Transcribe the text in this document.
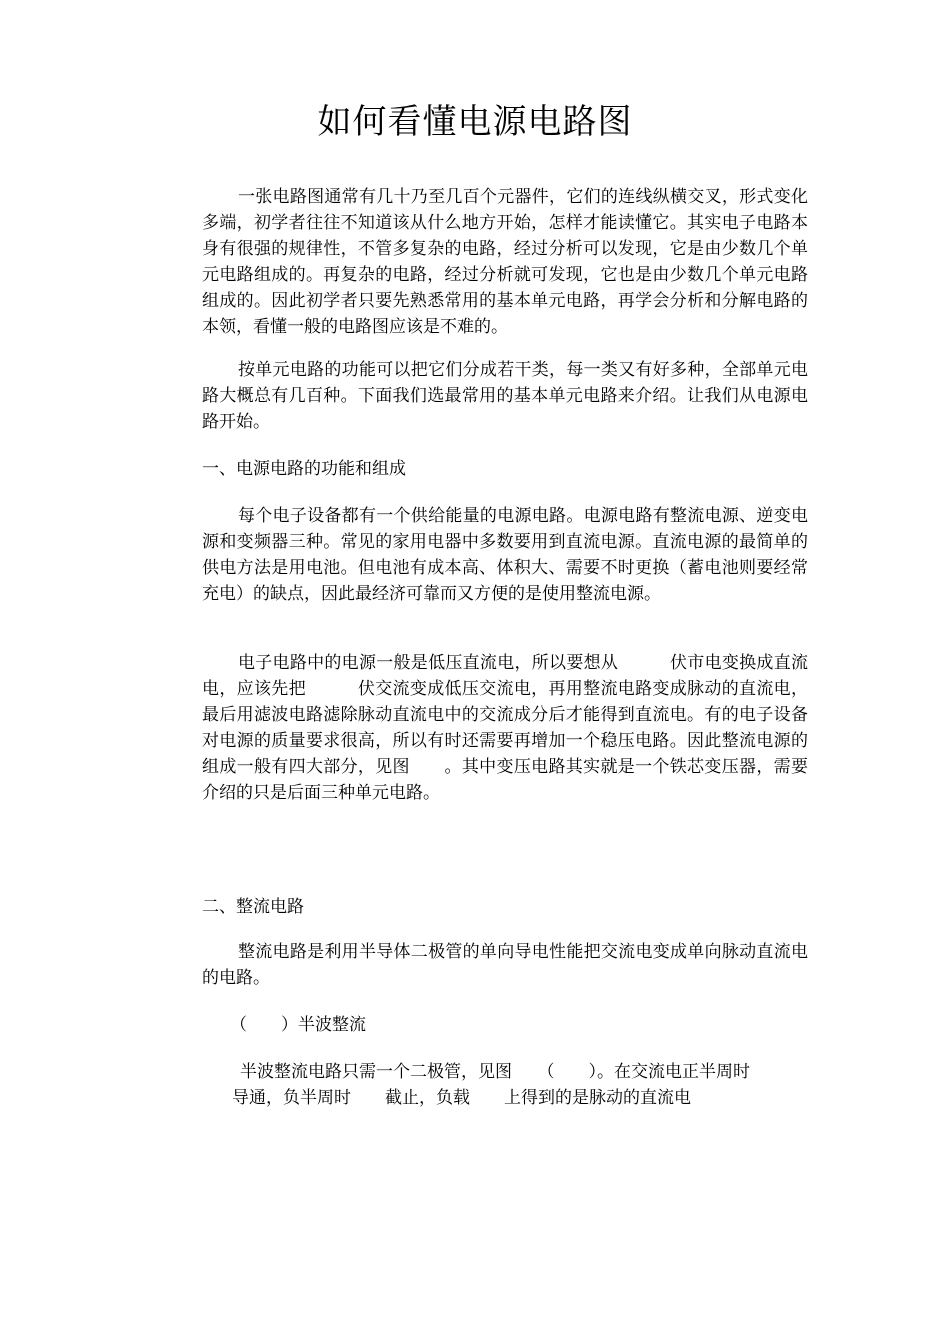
如何看懂电源电路图

一张电路图通常有几十乃至几百个元器件，它们的连线纵横交叉，形式变化多端，初学者往往不知道该从什么地方开始，怎样才能读懂它。其实电子电路本身有很强的规律性，不管多复杂的电路，经过分析可以发现，它是由少数几个单元电路组成的。再复杂的电路，经过分析就可发现，它也是由少数几个单元电路组成的。因此初学者只要先熟悉常用的基本单元电路，再学会分析和分解电路的本领，看懂一般的电路图应该是不难的。

按单元电路的功能可以把它们分成若干类，每一类又有好多种，全部单元电路大概总有几百种。下面我们选最常用的基本单元电路来介绍。让我们从电源电路开始。

一、电源电路的功能和组成

每个电子设备都有一个供给能量的电源电路。电源电路有整流电源、逆变电源和变频器三种。常见的家用电器中多数要用到直流电源。直流电源的最简单的供电方法是用电池。但电池有成本高、体积大、需要不时更换（蓄电池则要经常充电）的缺点，因此最经济可靠而又方便的是使用整流电源。

电子电路中的电源一般是低压直流电，所以要想从　　　伏市电变换成直流电，应该先把　　　伏交流变成低压交流电，再用整流电路变成脉动的直流电，最后用滤波电路滤除脉动直流电中的交流成分后才能得到直流电。有的电子设备对电源的质量要求很高，所以有时还需要再增加一个稳压电路。因此整流电源的组成一般有四大部分，见图　　。其中变压电路其实就是一个铁芯变压器，需要介绍的只是后面三种单元电路。

二、整流电路

整流电路是利用半导体二极管的单向导电性能把交流电变成单向脉动直流电的电路。

（　　）半波整流
半波整流电路只需一个二极管，见图　　（　　）。在交流电正半周时
导通，负半周时　　截止，负载　　上得到的是脉动的直流电
